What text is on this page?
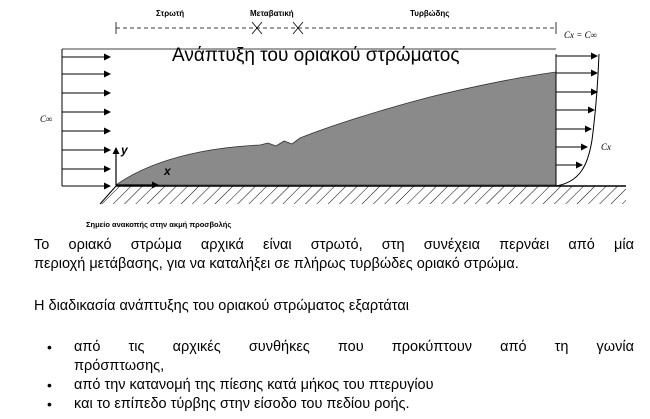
Στρωτή	Μεταβατική	Τυρβώδης
Ανάπτυξη του οριακού στρώματος
C∞
Cx = C∞
Cx
y
x
Σημείο ανακοπής στην ακμή προσβολής
Το οριακό στρώμα αρχικά είναι στρωτό, στη συνέχεια περνάει από μία
περιοχή μετάβασης, για να καταλήξει σε πλήρως τυρβώδες οριακό στρώμα.
Η διαδικασία ανάπτυξης του οριακού στρώματος εξαρτάται
• από τις αρχικές συνθήκες που προκύπτουν από τη γωνία
πρόσπτωσης,
• από την κατανομή της πίεσης κατά μήκος του πτερυγίου
• και το επίπεδο τύρβης στην είσοδο του πεδίου ροής.
